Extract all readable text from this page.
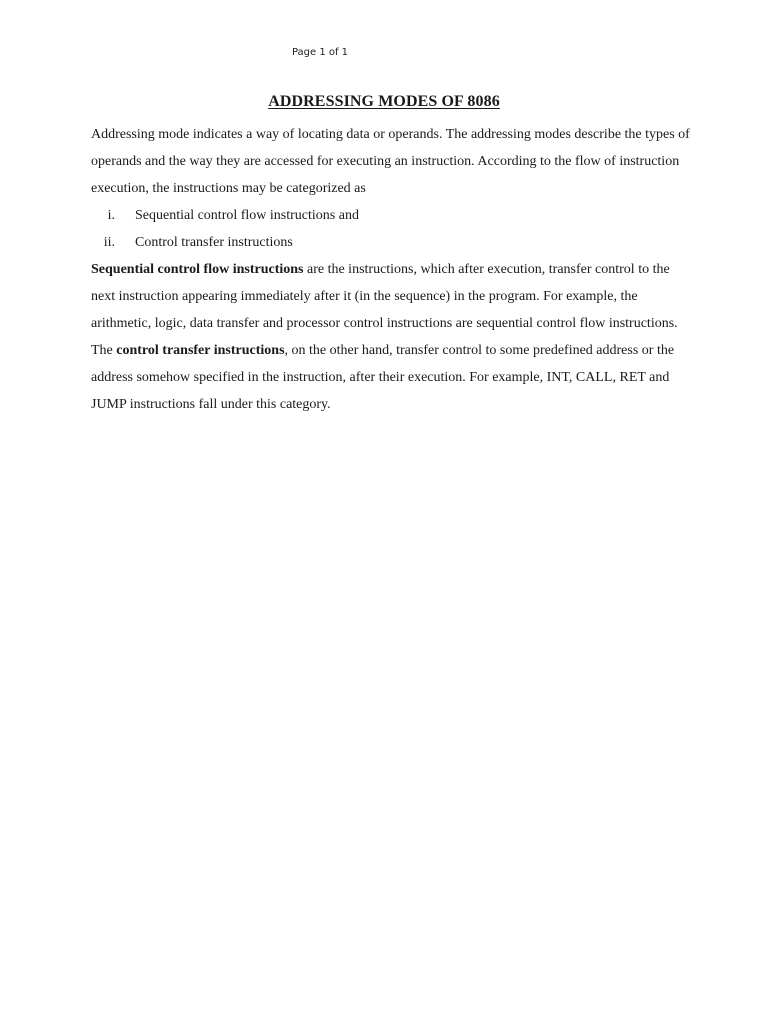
Page 1 of 1
ADDRESSING MODES OF 8086

Addressing mode indicates a way of locating data or operands. The addressing modes describe the types of operands and the way they are accessed for executing an instruction. According to the flow of instruction execution, the instructions may be categorized as

i. Sequential control flow instructions and
ii. Control transfer instructions

Sequential control flow instructions are the instructions, which after execution, transfer control to the next instruction appearing immediately after it (in the sequence) in the program. For example, the arithmetic, logic, data transfer and processor control instructions are sequential control flow instructions.

The control transfer instructions, on the other hand, transfer control to some predefined address or the address somehow specified in the instruction, after their execution. For example, INT, CALL, RET and JUMP instructions fall under this category.
